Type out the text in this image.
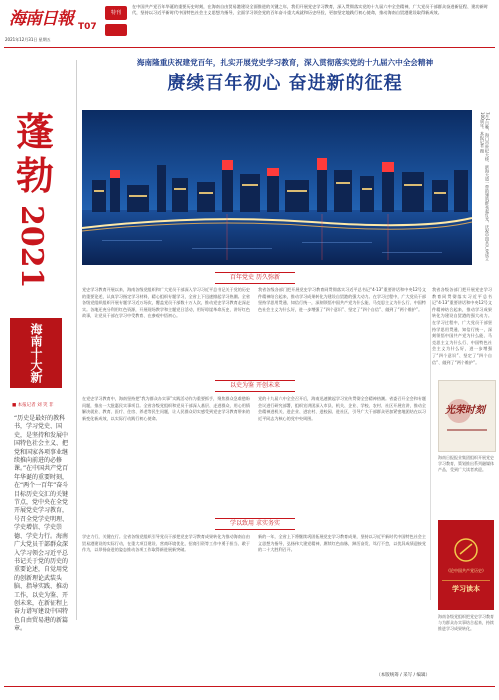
海南日報 T07
2021年12月31日 星期五
特刊
在中国共产党百年华诞的重要历史时刻，在海南自由贸易港建设全面推进的关键之年，我们开展党史学习教育，深入贯彻落实党的十九届六中全会精神，广大党员干部群众奋进新征程、建功新时代，坚持以习近平新时代中国特色社会主义思想为指导，全面学习领会党的百年奋斗重大成就和历史经验，更加坚定地践行初心使命，推动海南自贸港建设取得新成效。
蓬
勃
2021
海南十大新
■ 本报记者 刘 笑 非
“历史是最好的教科书，学习党史、国史，是坚持和发展中国特色社会主义、把党和国家各项事业继续推向前进的必修课。”在中国共产党百年华诞的重要时刻，在“两个一百年”奋斗目标历史交汇的关键节点，党中央在全党开展党史学习教育，号召全党学史明理、学史增信、学史崇德、学史力行。海南广大党员干部群众深入学习领会习近平总书记关于党的历史的重要论述，自觉用党的创新理论武装头脑、指导实践、推动工作，以史为鉴、开创未来，在新征程上奋力谱写建设中国特色自由贸易港的新篇章。
海南隆重庆祝建党百年，扎实开展党史学习教育，深入贯彻落实党的十九届六中全会精神
赓续百年初心 奋进新的征程
7月1日晚，海口市世纪大桥、滨海大道一带的建筑群亮起灯光，庆祝中国共产党成立100周年。本报记者 摄
百年党史 历久弥新
党史学习教育开展以来，海南各级党组织和广大党员干部深入学习习近平总书记关于党的历史的重要论述，认真学习指定学习材料，精心组织专题学习，全省上下迅速掀起学习热潮。全省各级党组织组织开展专题学习近万场次，覆盖党员干部数十万人次，推动党史学习教育走深走实。各地还充分利用红色资源，开展现场教学和主题党日活动，用好琼崖革命历史，讲好红色故事，让党员干部在学习中受教育、在参观中悟初心。
我省各级各部门把开展党史学习教育同贯彻落实习近平总书记“4·13”重要讲话和中央12号文件精神结合起来，推动学习成果转化为建设自贸港的强大动力。在学习过程中，广大党员干部坚持学思用贯通、知信行统一，深刻领悟中国共产党为什么能、马克思主义为什么行、中国特色社会主义为什么好，进一步增强了“四个意识”、坚定了“四个自信”、做到了“两个维护”。
我省各级各部门把开展党史学习教育同贯彻落实习近平总书记“4·13”重要讲话和中央12号文件精神结合起来，推动学习成果转化为建设自贸港的强大动力。在学习过程中，广大党员干部坚持学思用贯通、知信行统一，深刻领悟中国共产党为什么能、马克思主义为什么行、中国特色社会主义为什么好，进一步增强了“四个意识”、坚定了“四个自信”、做到了“两个维护”。
以史为鉴 开创未来
在党史学习教育中，海南坚持把“我为群众办实事”实践活动作为重要抓手，聚焦群众急难愁盼问题，推出一大批惠民实事项目。全省各级党组织和党员干部深入基层、走进群众，用心用情解决就业、教育、医疗、住房、养老等民生问题，让人民群众切实感受到党史学习教育带来的新变化新成效，以实际行动践行初心使命。
党的十九届六中全会召开后，海南迅速掀起学习宣传贯彻全会精神热潮。省委召开全会和专题会议进行研究部署，组织宣讲团深入市县、机关、企业、学校、农村、社区开展宣讲，推动全会精神进机关、进企业、进农村、进校园、进社区，引导广大干部群众更加紧密地团结在以习近平同志为核心的党中央周围。
学以致用 求实务实
学史力行，关键在行。全省各级党组织引导党员干部把党史学习教育成果转化为推动海南自由贸易港建设的实际行动，在重大项目建设、营商环境优化、招商引资等工作中勇于担当、敢于作为，以昂扬奋进的姿态推动各项工作取得新进展新突破。
新的一年，全省上下将继续巩固拓展党史学习教育成果，坚持以习近平新时代中国特色社会主义思想为指导，弘扬伟大建党精神，赓续红色血脉，踔厉奋发、笃行不怠，以优异成绩迎接党的二十大胜利召开。
光荣时刻
海南日报报业集团组织开展党史学习教育，策划推出系列融媒体产品，受到广大读者欢迎。
《论中国共产党历史》
学习读本
海南各级党组织把党史学习教育与为群众办实事结合起来，持续推进学习成果转化。
（本版统筹 / 采写 / 编辑）
